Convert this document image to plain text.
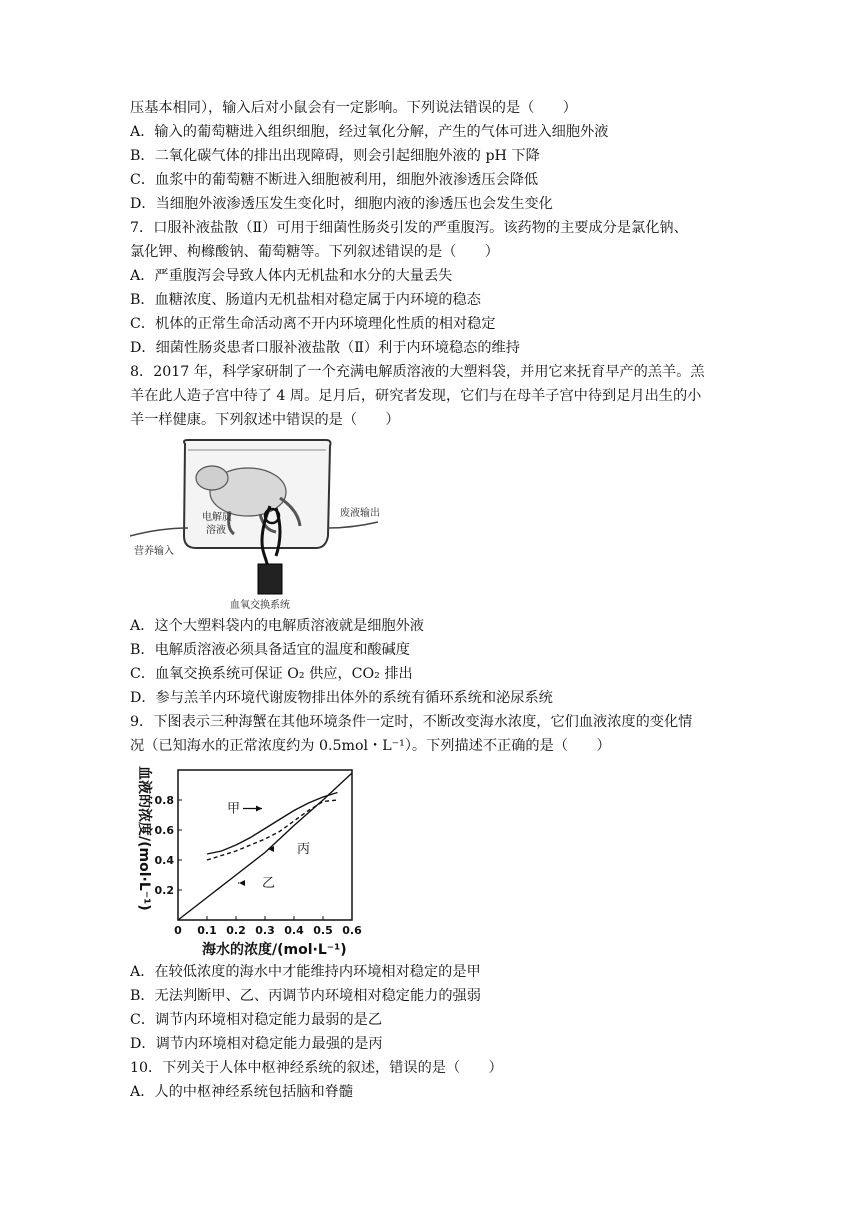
压基本相同），输入后对小鼠会有一定影响。下列说法错误的是（　　）

A．输入的葡萄糖进入组织细胞，经过氧化分解，产生的气体可进入细胞外液

B．二氧化碳气体的排出出现障碍，则会引起细胞外液的 pH 下降

C．血浆中的葡萄糖不断进入细胞被利用，细胞外液渗透压会降低

D．当细胞外液渗透压发生变化时，细胞内液的渗透压也会发生变化

7．口服补液盐散（Ⅱ）可用于细菌性肠炎引发的严重腹泻。该药物的主要成分是氯化钠、

氯化钾、枸橼酸钠、葡萄糖等。下列叙述错误的是（　　）

A．严重腹泻会导致人体内无机盐和水分的大量丢失

B．血糖浓度、肠道内无机盐相对稳定属于内环境的稳态

C．机体的正常生命活动离不开内环境理化性质的相对稳定

D．细菌性肠炎患者口服补液盐散（Ⅱ）利于内环境稳态的维持

8．2017 年，科学家研制了一个充满电解质溶液的大塑料袋，并用它来抚育早产的羔羊。羔

羊在此人造子宫中待了 4 周。足月后，研究者发现，它们与在母羊子宫中待到足月出生的小

羊一样健康。下列叙述中错误的是（　　）

电解质
溶液
营养输入
废液输出
血氧交换系统

A．这个大塑料袋内的电解质溶液就是细胞外液

B．电解质溶液必须具备适宜的温度和酸碱度

C．血氧交换系统可保证 O₂ 供应，CO₂ 排出

D．参与羔羊内环境代谢废物排出体外的系统有循环系统和泌尿系统

9．下图表示三种海蟹在其他环境条件一定时，不断改变海水浓度，它们血液浓度的变化情

况（已知海水的正常浓度约为 0.5mol・L⁻¹）。下列描述不正确的是（　　）

血液的浓度/(mol·L⁻¹)
海水的浓度/(mol·L⁻¹)
0 0.1 0.2 0.3 0.4 0.5 0.6
0.2
0.4
0.6
0.8
甲
丙
乙

A．在较低浓度的海水中才能维持内环境相对稳定的是甲

B．无法判断甲、乙、丙调节内环境相对稳定能力的强弱

C．调节内环境相对稳定能力最弱的是乙

D．调节内环境相对稳定能力最强的是丙

10．下列关于人体中枢神经系统的叙述，错误的是（　　）

A．人的中枢神经系统包括脑和脊髓
